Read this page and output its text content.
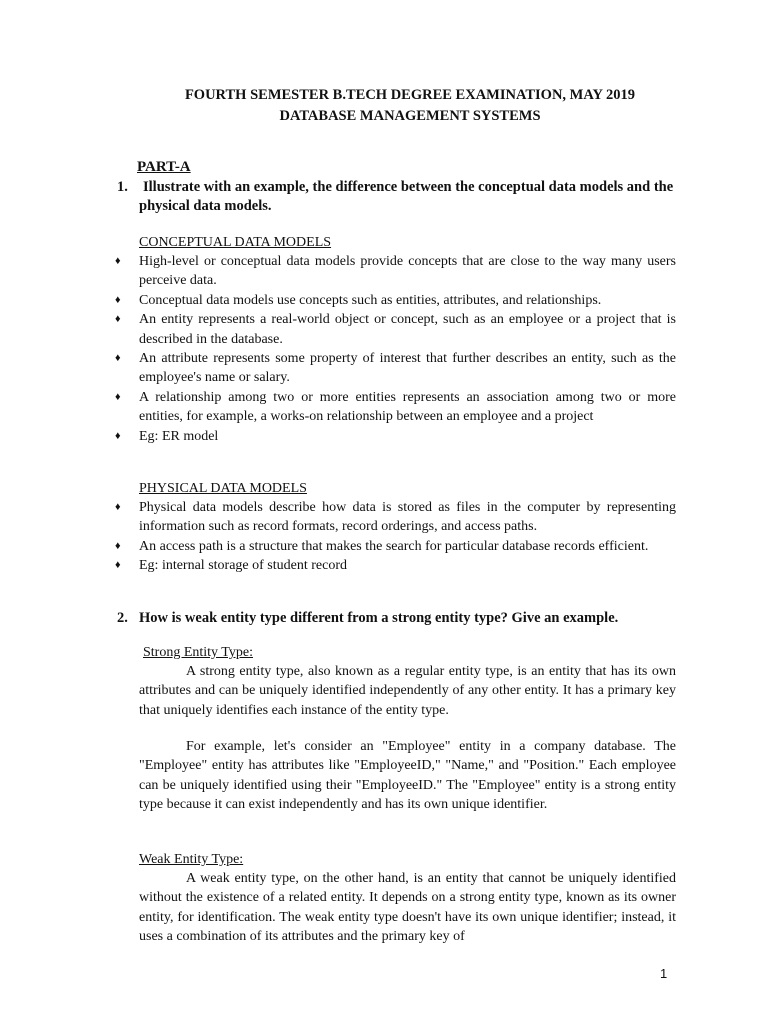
FOURTH SEMESTER B.TECH DEGREE EXAMINATION, MAY 2019

DATABASE MANAGEMENT SYSTEMS

PART-A

1. Illustrate with an example, the difference between the conceptual data models and the physical data models.

CONCEPTUAL DATA MODELS

♦ High-level or conceptual data models provide concepts that are close to the way many users perceive data.
♦ Conceptual data models use concepts such as entities, attributes, and relationships.
♦ An entity represents a real-world object or concept, such as an employee or a project that is described in the database.
♦ An attribute represents some property of interest that further describes an entity, such as the employee's name or salary.
♦ A relationship among two or more entities represents an association among two or more entities, for example, a works-on relationship between an employee and a project
♦ Eg: ER model

PHYSICAL DATA MODELS

♦ Physical data models describe how data is stored as files in the computer by representing information such as record formats, record orderings, and access paths.
♦ An access path is a structure that makes the search for particular database records efficient.
♦ Eg: internal storage of student record
2. How is weak entity type different from a strong entity type? Give an example.

Strong Entity Type:

A strong entity type, also known as a regular entity type, is an entity that has its own attributes and can be uniquely identified independently of any other entity. It has a primary key that uniquely identifies each instance of the entity type.

For example, let's consider an "Employee" entity in a company database. The "Employee" entity has attributes like "EmployeeID," "Name," and "Position." Each employee can be uniquely identified using their "EmployeeID." The "Employee" entity is a strong entity type because it can exist independently and has its own unique identifier.

Weak Entity Type:

A weak entity type, on the other hand, is an entity that cannot be uniquely identified without the existence of a related entity. It depends on a strong entity type, known as its owner entity, for identification. The weak entity type doesn't have its own unique identifier; instead, it uses a combination of its attributes and the primary key of

1
